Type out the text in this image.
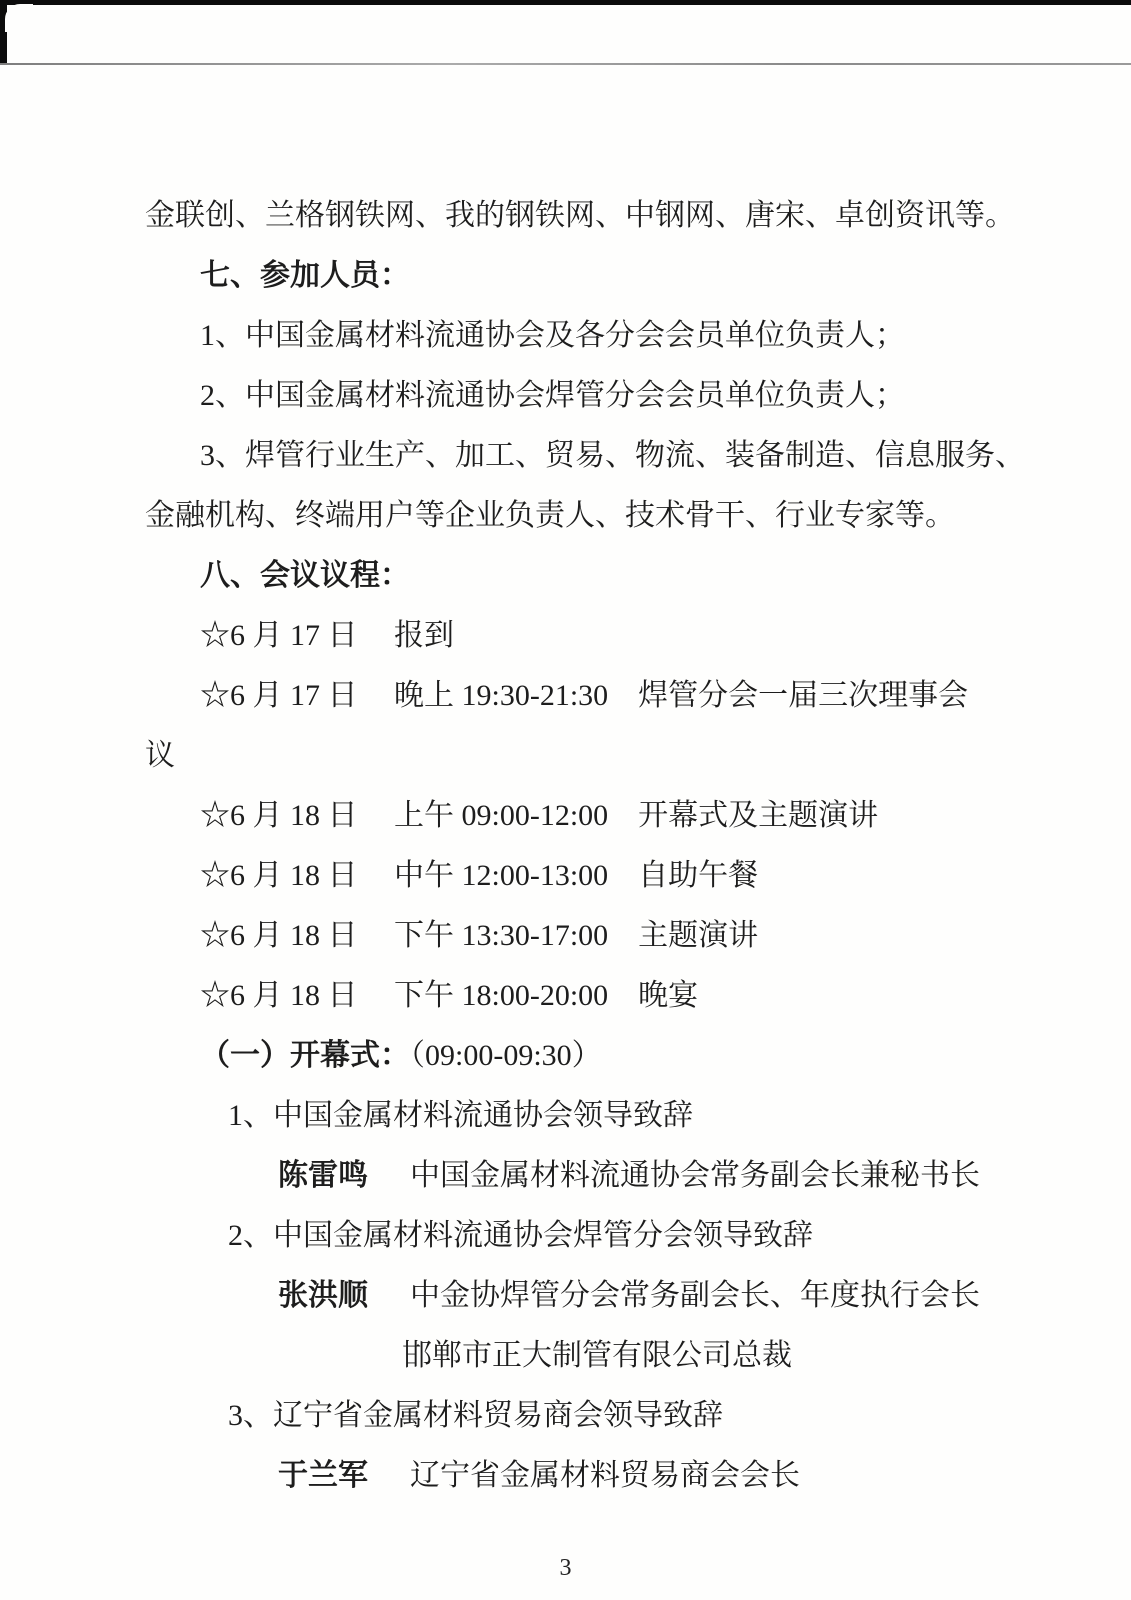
金联创、兰格钢铁网、我的钢铁网、中钢网、唐宋、卓创资讯等。
七、参加人员：
1、中国金属材料流通协会及各分会会员单位负责人；
2、中国金属材料流通协会焊管分会会员单位负责人；
3、焊管行业生产、加工、贸易、物流、装备制造、信息服务、
金融机构、终端用户等企业负责人、技术骨干、行业专家等。
八、会议议程：
☆6 月 17 日	报到
☆6 月 17 日	晚上 19:30-21:30　焊管分会一届三次理事会
议
☆6 月 18 日	上午 09:00-12:00　开幕式及主题演讲
☆6 月 18 日	中午 12:00-13:00　自助午餐
☆6 月 18 日	下午 13:30-17:00　主题演讲
☆6 月 18 日	下午 18:00-20:00　晚宴
（一）开幕式：（09:00-09:30）
1、中国金属材料流通协会领导致辞
陈雷鸣 中国金属材料流通协会常务副会长兼秘书长
2、中国金属材料流通协会焊管分会领导致辞
张洪顺 中金协焊管分会常务副会长、年度执行会长
邯郸市正大制管有限公司总裁
3、辽宁省金属材料贸易商会领导致辞
于兰军 辽宁省金属材料贸易商会会长
3
